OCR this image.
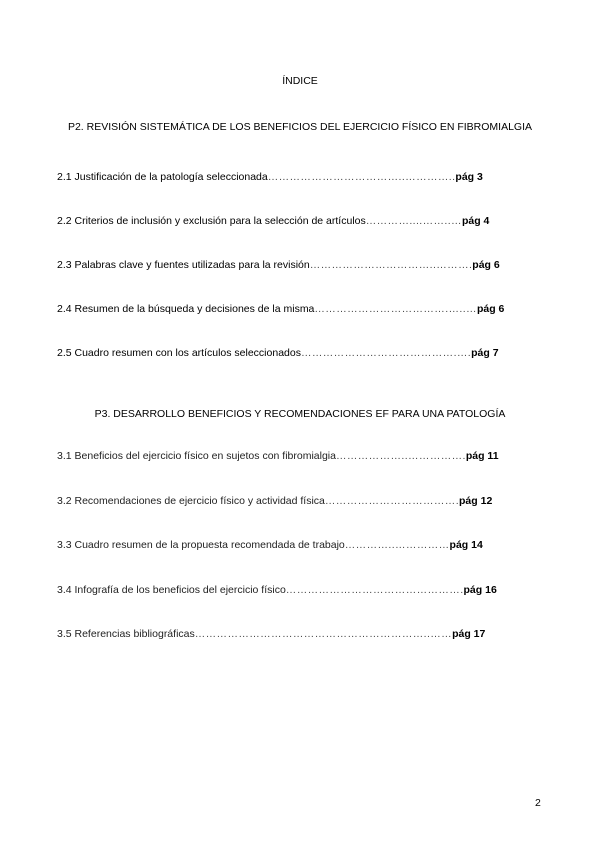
ÍNDICE
P2. REVISIÓN SISTEMÁTICA DE LOS BENEFICIOS DEL EJERCICIO FÍSICO EN FIBROMIALGIA
2.1 Justificación de la patología seleccionada ………………………………..………….. pág 3
2.2 Criterios de inclusión y exclusión para la selección de artículos …………....……..… pág 4
2.3 Palabras clave y fuentes utilizadas para la revisión ……………………………..………. pág 6
2.4 Resumen de la búsqueda y decisiones de la misma ……………………………….…..… pág 6
2.5 Cuadro resumen con los artículos seleccionados …………………………………….…. pág 7
P3. DESARROLLO BENEFICIOS Y RECOMENDACIONES EF PARA UNA PATOLOGÍA
3.1 Beneficios del ejercicio físico en sujetos con fibromialgia ………………..……………. pág 11
3.2 Recomendaciones de ejercicio físico y actividad física ………………………………. pág 12
3.3 Cuadro resumen de la propuesta recomendada de trabajo …………..…………… pág 14
3.4 Infografía de los beneficios del ejercicio físico …………………………………………. pág 16
3.5 Referencias bibliográficas ………………………………………………………..…… pág 17
2
